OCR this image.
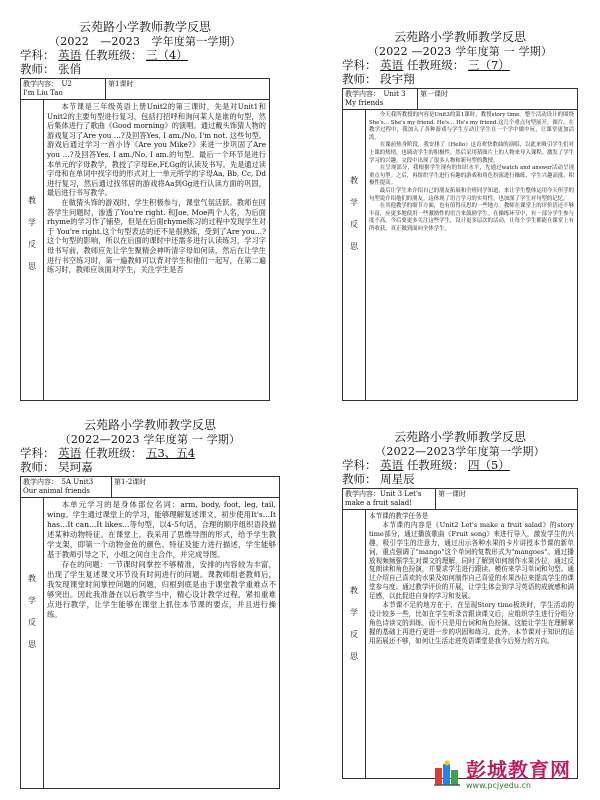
云苑路小学教师教学反思
（2022　—2023　学年度第一学期）
学科： 英语 任教班级： 三（4）
教师： 张俏
教学内容：　U2
I'm Liu Tao
第1课时
教
学
反
思

本节课是三年级英语上册Unit2的第三课时，先是对Unit1和Unit2的主要句型进行复习，包括打招呼和询问某人是谁的句型，然后集体进行了歌曲《Good morning》的演唱。通过戴头饰猜人物的游戏复习了Are you …?及回答Yes, I am./No, I'm not. 这些句型。游戏后通过学习一首小诗《Are you Mike?》来进一步巩固了Are you …?及回答Yes, I am./No, I am.的句型。最后一个环节是进行本单元的字母教学，教授了字母Ee,Ff,Gg的认读及书写。先是通过读字母和在单词中找字母的形式对上一单元所学的字母Aa, Bb, Cc, Dd进行复习，然后通过找邻居的游戏将Aa到Gg进行认读方面的巩固，最后进行书写教学。

在做猜头饰的游戏时，学生积极参与，课堂气氛活跃。教师在回答学生问题时，渗透了You're right. 和Joe, Moe两个人名，为后面rhyme的学习作了铺垫，但是在后面rhyme练习的过程中发现学生对于 You're right.这个句型表达的还不是很熟练，受到了Are you…?这个句型的影响，所以在后面的课时中还需多进行认读练习，学习字母书写前，教师应先让学生聚精会神听清字母如何读，然后在让学生进行书空练习时，第一遍教师可以背对学生和他们一起写，在第二遍练习时，教师应该面对学生，关注学生是否

云苑路小学教师教学反思
（2022 —2023 学年度第 一 学期）
学科： 英语 任教班级： 三（7）
教师： 段宇翔
教学内容：　Unit 3
My friends
第一课时
教
学
反
思

今天我所教授的内容是Unit3的第1课时，教授story time。整个活动设计的围绕 She's… She's my friend. He's… He's my friend.这几个重点句型展开。图片、在教学过程中，我加入了各种游戏与学生互动让学生在一个学中做中玩，让课堂更加活泼。

在课前热身阶段，我安排了《Hello》这首欢快歌曲的演唱，以此来吸引学生们对上课的热情，也调动学生的积极性。然后采用猜图片上的人物来导入课程，激发了学生学习的兴趣。文段中出现了很多人物和新句型的教授。

在呈现部分，我根据学生现有的知识水平，先通过watch and answer活动呈现重点句型。之后，再组织学生进行有趣的游戏和角色扮演进行操练，学生兴趣高涨，积极性提高。

最后让学生来介绍自己的朋友拓展和全班同学知道，来让学生整体运用今天所学的句型说介绍他们的朋友。这体现了语言学习的实用性，也加深了学生对句型的记忆。

在其他教学的细节方面，也有值得反思的一些地方。教师在课堂上的评价语还不够丰富，应更多地使用一些激励性的语言来鼓励学生。在操练环节中，有一部分学生参与度不高，今后要更多关注这些学生，设计更多层次的活动，让每个学生都能在课堂上有所收获，真正做到面向全体学生。

云苑路小学教师教学反思
（2022—2023 学年度第 一 学期）
学科： 英语 任教班级： 五3、五4
教师： 吴珂嘉
教学内容：　5A Unit3
Our animal friends
第1-2课时
教
学
反
思

本单元学习的是身体部位名词：arm, body, foot, leg, tail, wing。学生通过课堂上的学习，能够理解复述课文，初步使用It's…It has…It can…It likes…等句型，以4-5句话，合理的顺序组织语段描述某种动物特征。在课堂上，我采用了思维导图的形式，给予学生教学支架，即第一个动物金鱼的颜色、特征及能力进行描述，学生能够基于教师引导之下，小组之间自主合作，并完成导图。

存在的问题：一节课时间掌控不够精准，安排的内容较为丰富，出现了学生复述课文环节没有时间进行的问题。课教师组老教师后，我发现课堂时间掌控问题的问题，归根到底是由于课堂教学重难点不够突出。因此我准备在以后教学当中，精心设计教学过程，紧扣重难点进行教学，让学生能够在课堂上抓住本节课的要点，并且进行操练。

云苑路小学教师教学反思
（2022—2023学年度第一学期）
学科： 英语 任教班级： 四（5）
教师： 周星辰
教学内容：Unit 3 Let's
make a fruit salad!
第一课时
教
学
反
思

本节课的教学任务是

本节课的内容是《Unit2 Let's make a fruit salad》的story time部分，通过播放歌曲《Fruit song》来进行导入，激发学生的兴趣，吸引学生的注意力，通过出示各种水果的卡片讲授本节课的新单词，重点强调了"mango"这个单词的复数形式为"mangoes"。通过播放视频频强学生对课文的理解，同时了解到如何制作水果沙拉，通过反复朗读和角色扮演，并要求学生进行跟读、模仿来学习单词和句型。通过介绍自己喜欢的水果及如何制作自己喜爱的水果沙拉来提高学生的课堂参与度。通过教学评价的开展，让学生体会到学习英语的成就感和满足感，以此促进自身的学习和发展。

本节课不足的地方在于，在呈现Story time板块时，学生活动的设计较多一些，比如在学生听录音跟读课文后，应组织学生进行分组分角色诗读文的训练，而不只是用台词和角色扮演。这能让学生在理解掌握的基础上再进行更进一步的巩固和练习。此外，本节课对于知识的运用拓展还不够，如何让生活走进英语课堂是我今后努力的方向。

彭城教育网
www.pcjyedu.cn
